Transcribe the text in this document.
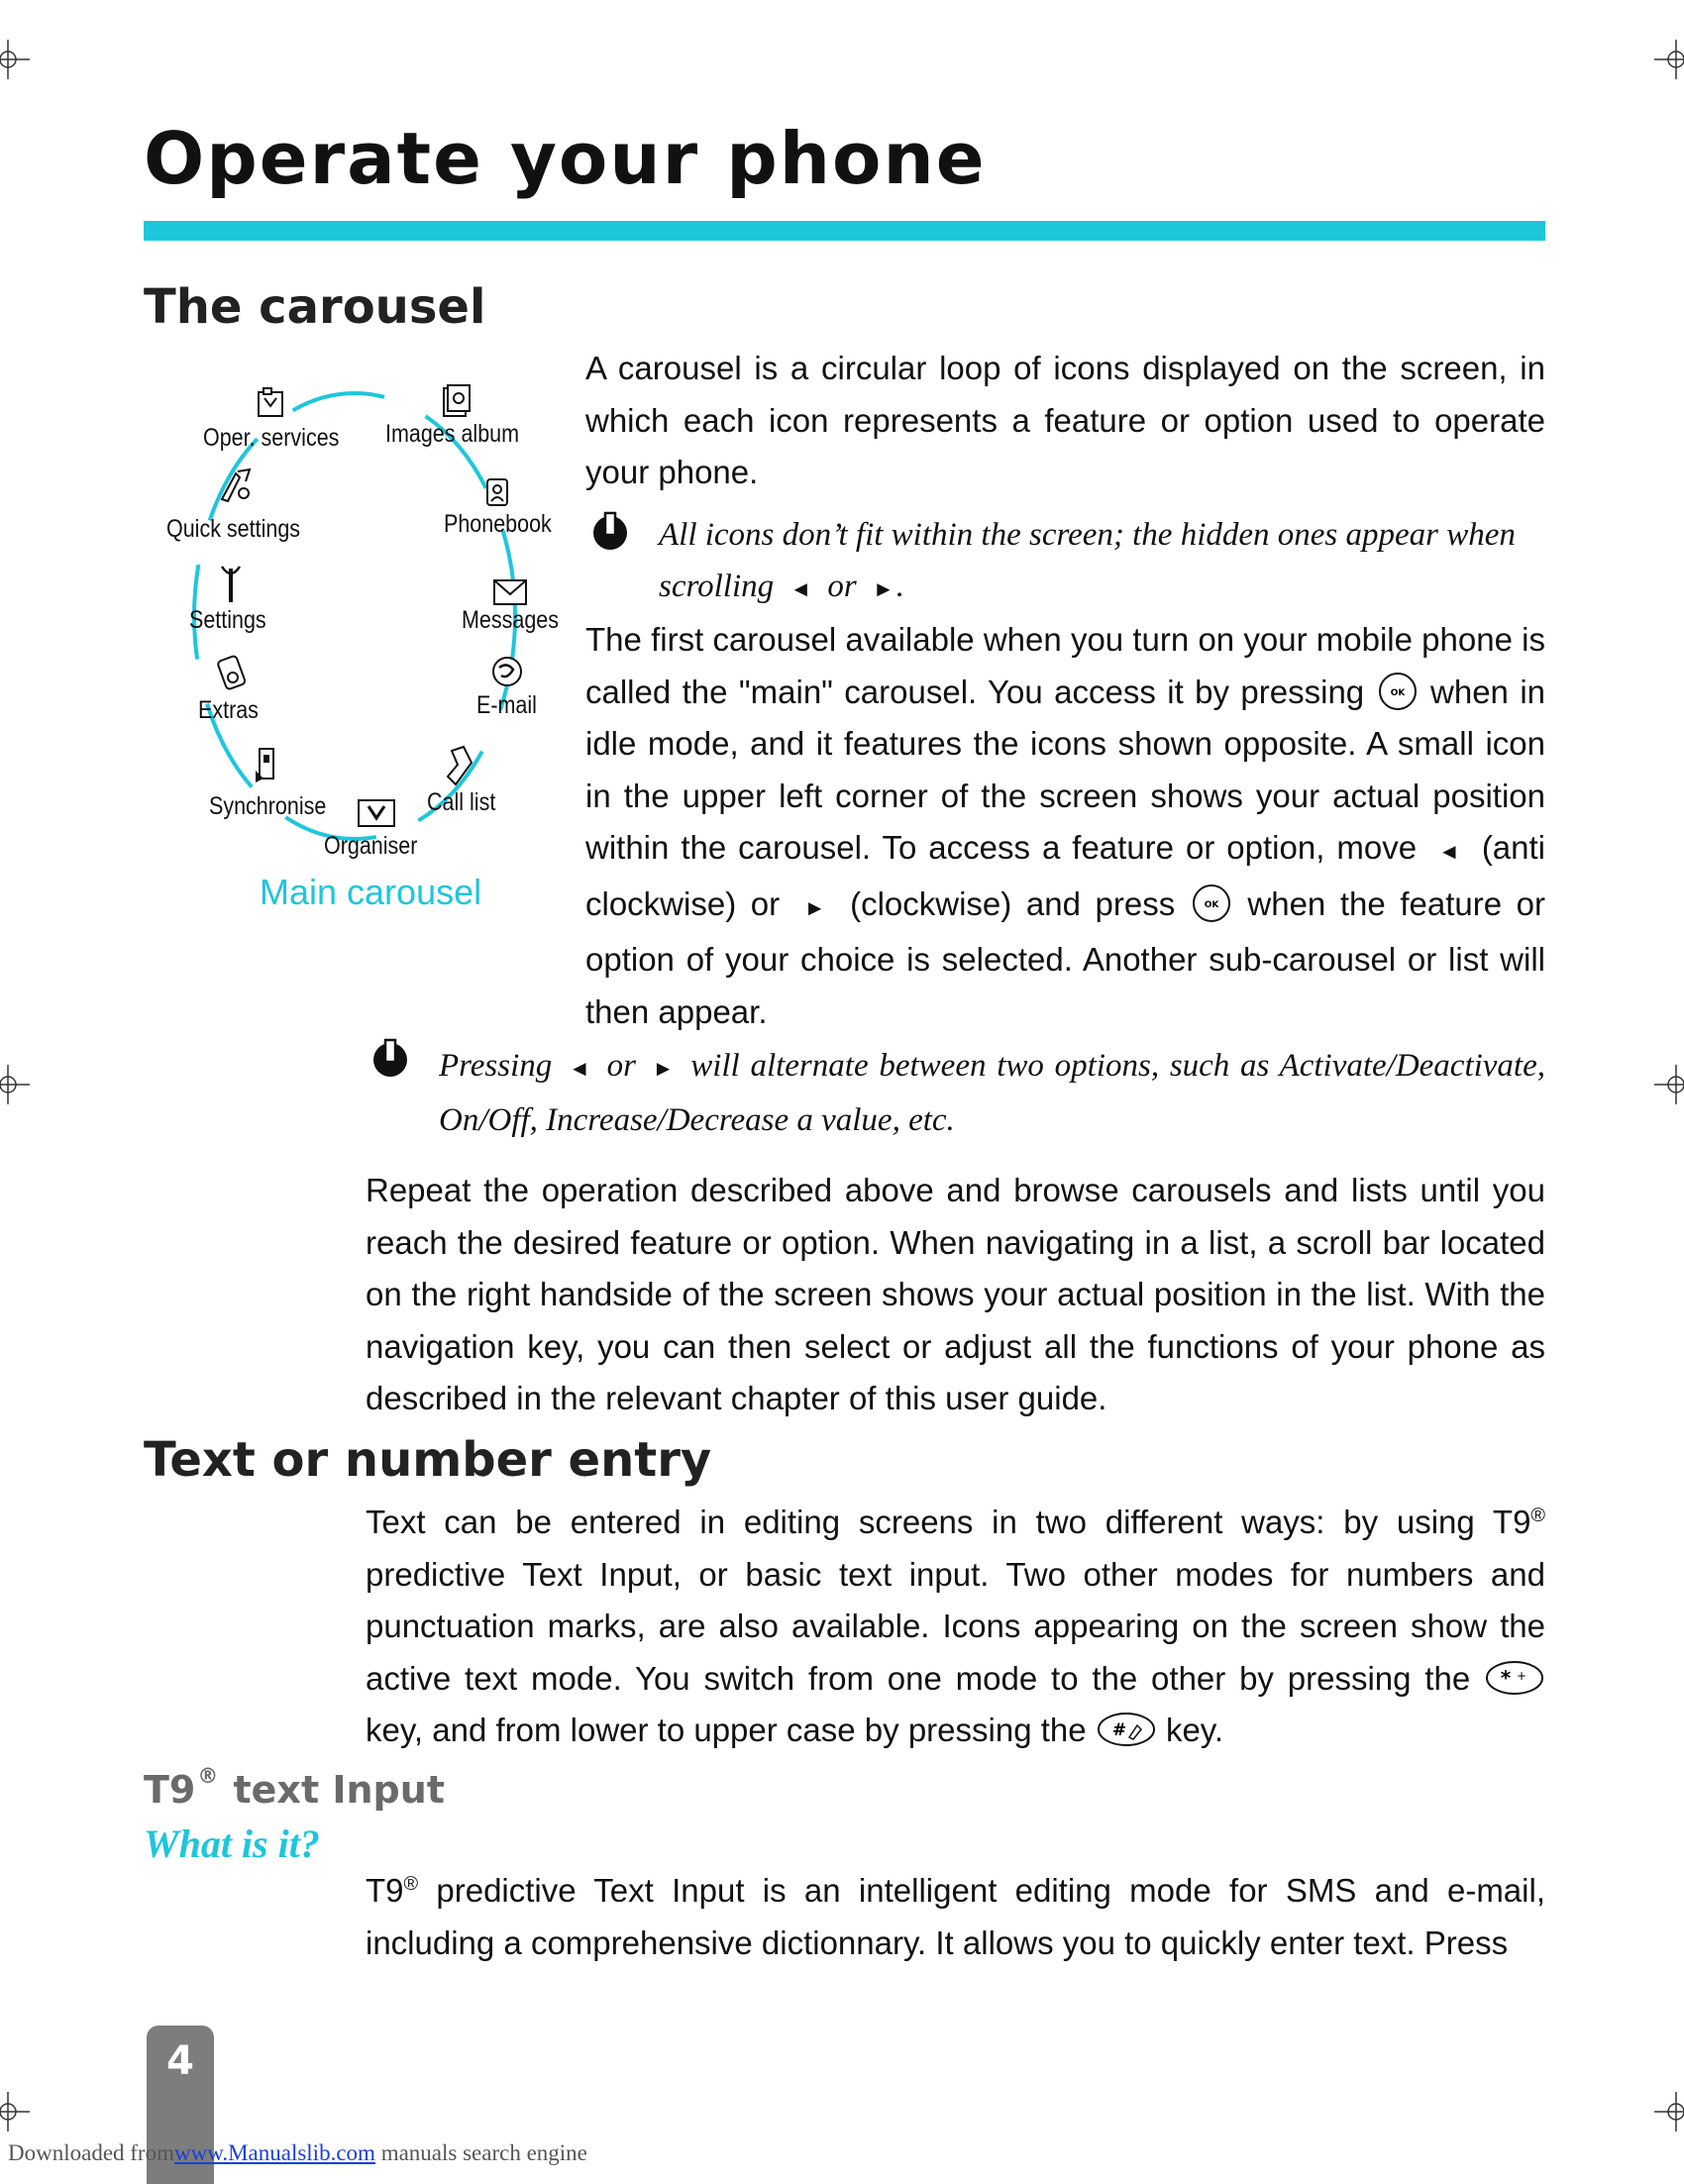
Operate your phone
The carousel
Oper. services Images album
Quick settings	Phonebook
Settings	Messages
Extras	E-mail
Synchronise	Call list
Organiser
Main carousel
A carousel is a circular loop of icons displayed on the screen, in which each icon represents a feature or option used to operate your phone.
All icons don’t fit within the screen; the hidden ones appear when
scrolling ◄ or ►.
The first carousel available when you turn on your mobile phone is called the "main" carousel. You access it by pressing	OK when in idle mode, and it features the icons shown opposite. A small icon in the upper left corner of the screen shows your actual position within the carousel. To access a feature or option, move ◄ (anti clockwise) or ► (clockwise) and press	OK when the feature or option of your choice is selected. Another sub-carousel or list will then appear.
Pressing ◄ or ► will alternate between two options, such as Activate/Deactivate, On/Off, Increase/Decrease a value, etc.
Repeat the operation described above and browse carousels and lists until you reach the desired feature or option. When navigating in a list, a scroll bar located on the right handside of the screen shows your actual position in the list. With the navigation key, you can then select or adjust all the functions of your phone as described in the relevant chapter of this user guide.
Text or number entry
Text can be entered in editing screens in two different ways: by using T9® predictive Text Input, or basic text input. Two other modes for numbers and punctuation marks, are also available. Icons appearing on the screen show the active text mode. You switch from one mode to the other by pressing the * +
key, and from lower to upper case by pressing the # key.
T9® text Input
What is it?
T9® predictive Text Input is an intelligent editing mode for SMS and e-mail, including a comprehensive dictionnary. It allows you to quickly enter text. Press
4
Downloaded fromwww.Manualslib.com manuals search engine
